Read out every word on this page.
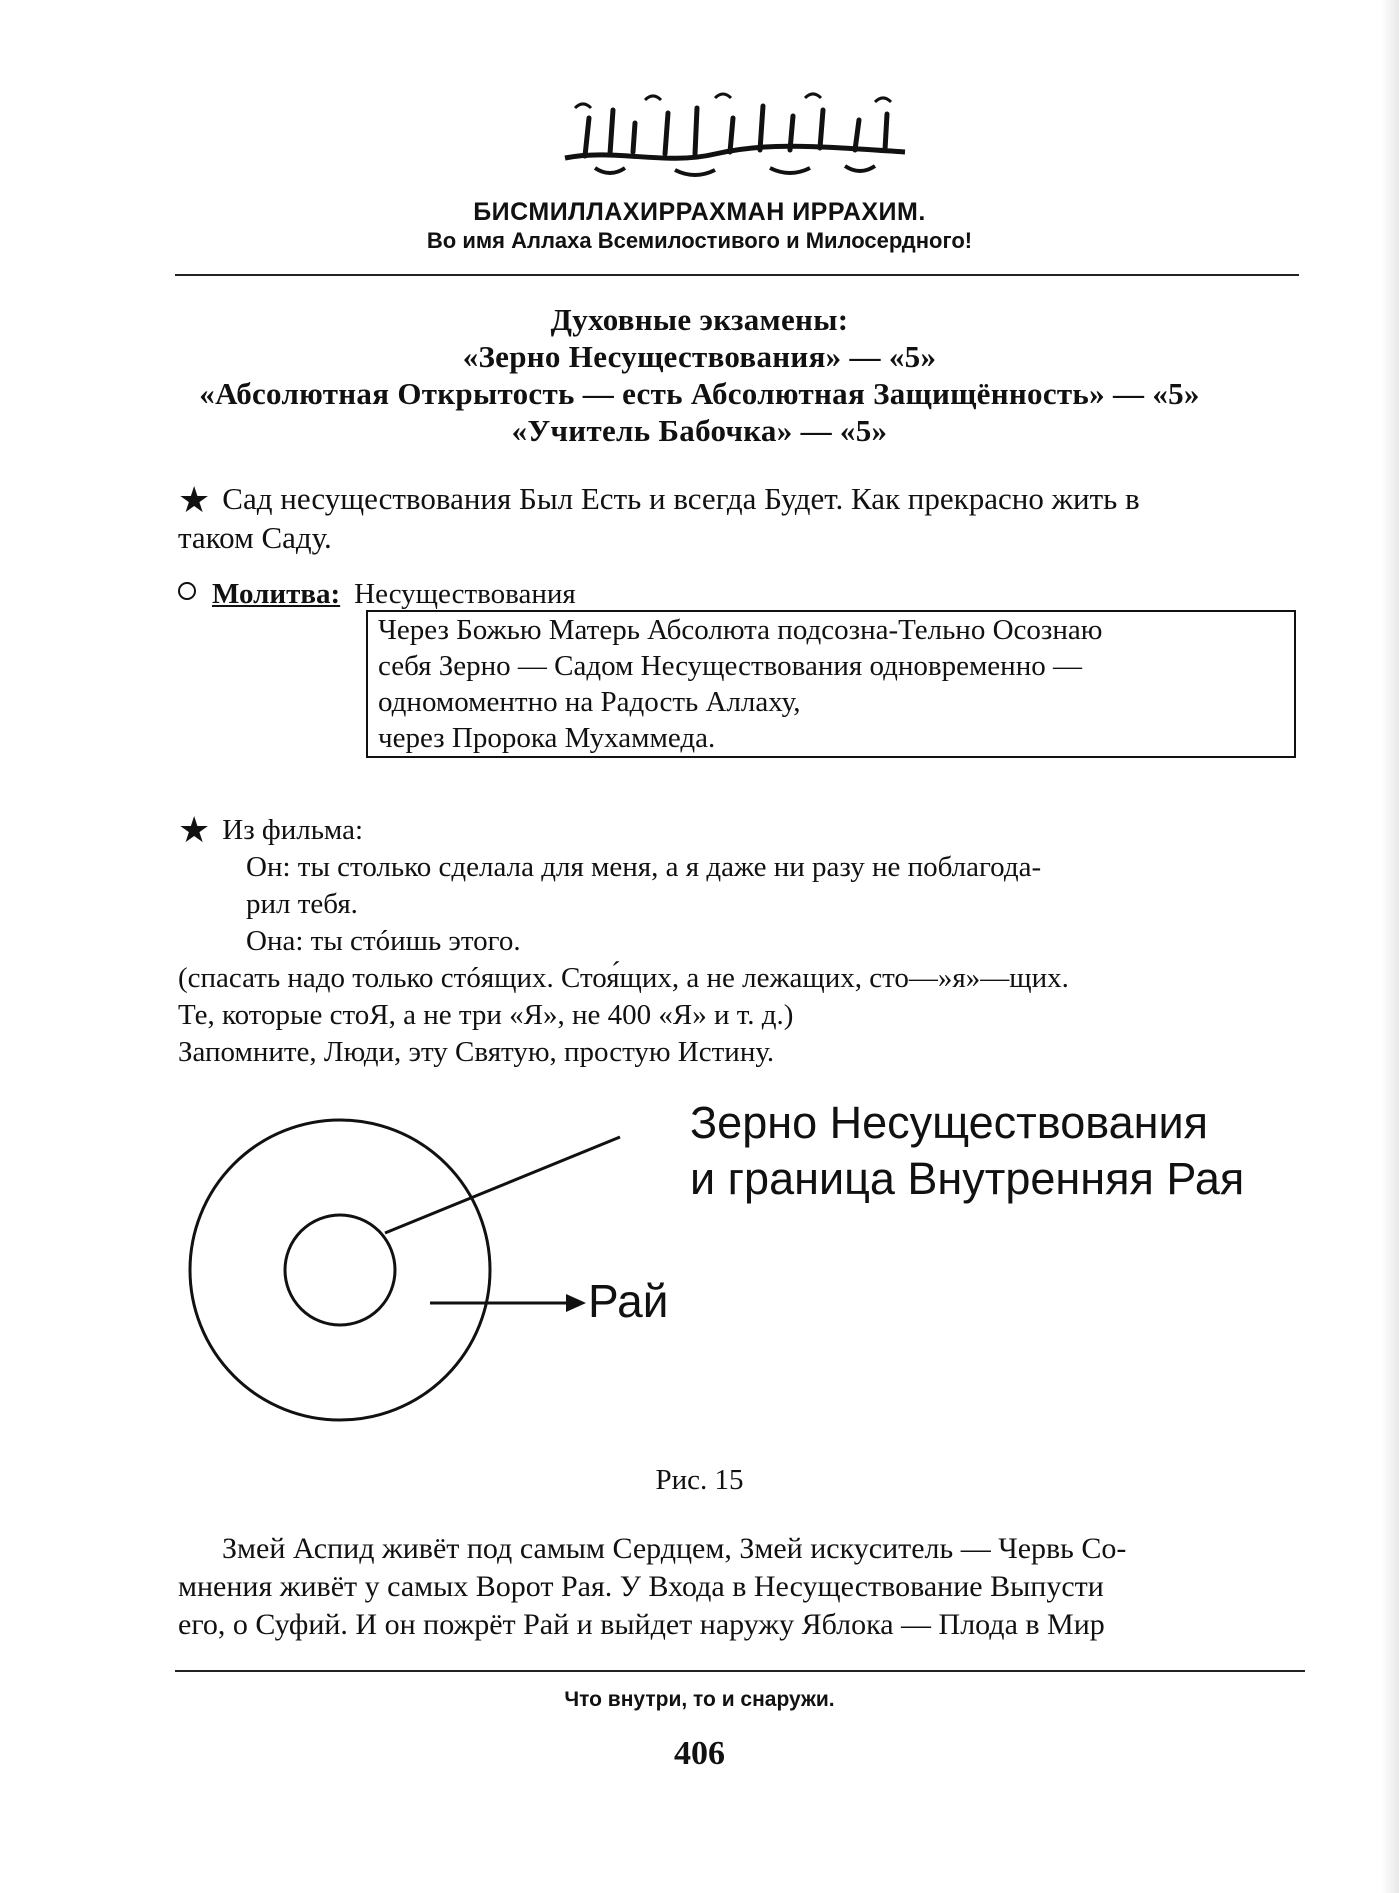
БИСМИЛЛАХИРРАХМАН ИРРАХИМ.
Во имя Аллаха Всемилостивого и Милосердного!
Духовные экзамены:
«Зерно Несуществования» — «5»
«Абсолютная Открытость — есть Абсолютная Защищённость» — «5»
«Учитель Бабочка» — «5»
★ Сад несуществования Был Есть и всегда Будет. Как прекрасно жить в
таком Саду.
Молитва: Несуществования
Через Божью Матерь Абсолюта подсозна-Тельно Осознаю
себя Зерно — Садом Несуществования одновременно —
одномоментно на Радость Аллаху,
через Пророка Мухаммеда.
★ Из фильма:
Он: ты столько сделала для меня, а я даже ни разу не поблагода-
рил тебя.
Она: ты стóишь этого.
(спасать надо только стóящих. Стоя́щих, а не лежащих, сто—»я»—щих.
Те, которые стоЯ, а не три «Я», не 400 «Я» и т. д.)
Запомните, Люди, эту Святую, простую Истину.
Зерно Несуществования
и граница Внутренняя Рая
Рай
Рис. 15
Змей Аспид живёт под самым Сердцем, Змей искуситель — Червь Со-
мнения живёт у самых Ворот Рая. У Входа в Несуществование Выпусти
его, о Суфий. И он пожрёт Рай и выйдет наружу Яблока — Плода в Мир
Что внутри, то и снаружи.
406
